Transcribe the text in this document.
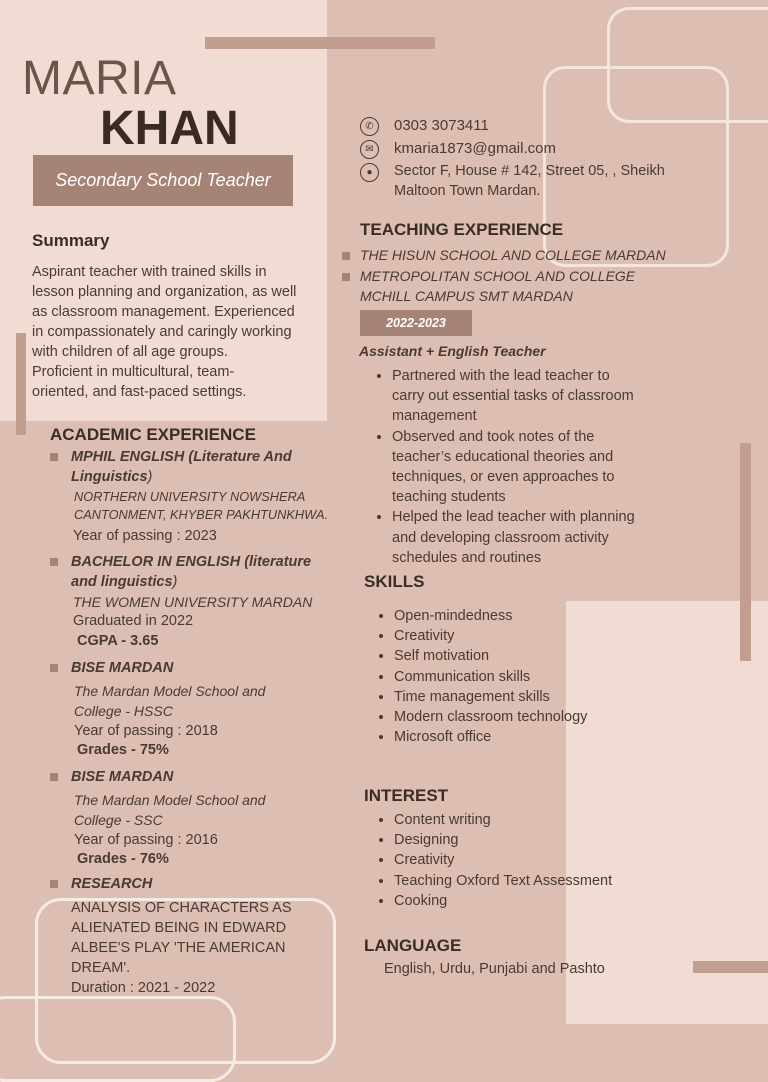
MARIA
KHAN
Secondary School Teacher
✆	0303 3073411
✉	kmaria1873@gmail.com
●	Sector F, House # 142, Street 05, , Sheikh
Maltoon Town Mardan.
Summary
Aspirant teacher with trained skills in
lesson planning and organization, as well
as classroom management. Experienced
in compassionately and caringly working
with children of all age groups.
Proficient in multicultural, team-
oriented, and fast-paced settings.
ACADEMIC EXPERIENCE
MPHIL ENGLISH (Literature And
Linguistics)
NORTHERN UNIVERSITY NOWSHERA
CANTONMENT, KHYBER PAKHTUNKHWA.
Year of passing : 2023
BACHELOR IN ENGLISH (literature
and linguistics)
THE WOMEN UNIVERSITY MARDAN
Graduated in 2022
CGPA - 3.65
BISE MARDAN
The Mardan Model School and
College - HSSC
Year of passing : 2018
Grades - 75%
BISE MARDAN
The Mardan Model School and
College - SSC
Year of passing : 2016
Grades - 76%
RESEARCH
ANALYSIS OF CHARACTERS AS
ALIENATED BEING IN EDWARD
ALBEE'S PLAY 'THE AMERICAN
DREAM'.
Duration : 2021 - 2022
TEACHING EXPERIENCE
THE HISUN SCHOOL AND COLLEGE MARDAN
METROPOLITAN SCHOOL AND COLLEGE
MCHILL CAMPUS SMT MARDAN
2022-2023
Assistant + English Teacher
• Partnered with the lead teacher to
carry out essential tasks of classroom
management
• Observed and took notes of the
teacher’s educational theories and
techniques, or even approaches to
teaching students
• Helped the lead teacher with planning
and developing classroom activity
schedules and routines
SKILLS
• Open-mindedness
• Creativity
• Self motivation
• Communication skills
• Time management skills
• Modern classroom technology
• Microsoft office
INTEREST
• Content writing
• Designing
• Creativity
• Teaching Oxford Text Assessment
• Cooking
LANGUAGE
English, Urdu, Punjabi and Pashto
